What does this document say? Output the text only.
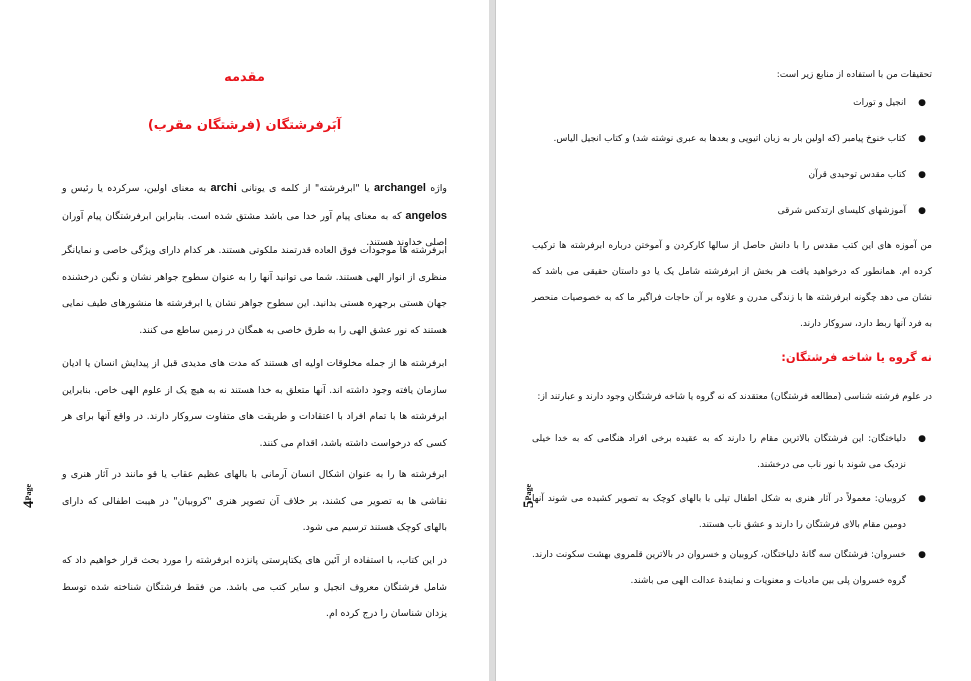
مقدمه
آبَرفرشتگان (فرشتگان مقرب)

واژه archangel یا "ابرفرشته" از کلمه ی یونانی archi به معنای اولین، سرکرده یا رئیس و angelos که به معنای پیام آور خدا می باشد مشتق شده است. بنابراین ابرفرشتگان پیام آوران اصلی خداوند هستند.

ابرفرشته ها موجودات فوق العاده قدرتمند ملکوتی هستند. هر کدام دارای ویژگی خاصی و نمایانگر منظری از انوار الهی هستند. شما می توانید آنها را به عنوان سطوح جواهر نشان و نگین درخشنده جهان هستی برجهره هستی بدانید. این سطوح جواهر نشان یا ابرفرشته ها منشورهای طیف نمایی هستند که نور عشق الهی را به طرق خاصی به همگان در زمین ساطع می کنند.

ابرفرشته ها از جمله مخلوقات اولیه ای هستند که مدت های مدیدی قبل از پیدایش انسان یا ادیان سازمان یافته وجود داشته اند. آنها متعلق به خدا هستند نه به هیچ یک از علوم الهی خاص. بنابراین ابرفرشته ها با تمام افراد با اعتقادات و طریقت های متفاوت سروکار دارند. در واقع آنها برای هر کسی که درخواست داشته باشد، اقدام می کنند.

ابرفرشته ها را به عنوان اشکال انسان آرمانی با بالهای عظیم عقاب یا قو مانند در آثار هنری و نقاشی ها به تصویر می کشند، بر خلاف آن تصویر هنری "کروبیان" در هیبت اطفالی که دارای بالهای کوچک هستند ترسیم می شود.

در این کتاب، با استفاده از آئین های یکتاپرستی پانزده ابرفرشته را مورد بحث قرار خواهیم داد که شامل فرشتگان معروف انجیل و سایر کتب می باشد. من فقط فرشتگان شناخته شده توسط یزدان شناسان را درج کرده ام.

4Page

تحقیقات من با استفاده از منابع زیر است:

●
انجیل و تورات
●
کتاب خنوخ پیامبر (که اولین بار به زبان اتیوپی و بعدها به عبری نوشته شد) و کتاب انجیل الیاس.
●
کتاب مقدس توحیدی قرآن
●
آموزشهای کلیسای ارتدکس شرقی

من آموزه های این کتب مقدس را با دانش حاصل از سالها کارکردن و آموختن درباره ابرفرشته ها ترکیب کرده ام. همانطور که درخواهید یافت هر بخش از ابرفرشته شامل یک یا دو داستان حقیقی می باشد که نشان می دهد چگونه ابرفرشته ها با زندگی مدرن و علاوه بر آن حاجات فراگیر ما که به خصوصیات منحصر به فرد آنها ربط دارد، سروکار دارند.

نه گروه یا شاخه فرشتگان:

در علوم فرشته شناسی (مطالعه فرشتگان) معتقدند که نه گروه یا شاخه فرشتگان وجود دارند و عبارتند از:

●
دلیاختگان: این فرشتگان بالاترین مقام را دارند که به عقیده برخی افراد هنگامی که به خدا خیلی نزدیک می شوند با نور ناب می درخشند.
●
کروبیان: معمولاً در آثار هنری به شکل اطفال تپلی با بالهای کوچک به تصویر کشیده می شوند آنها دومین مقام بالای فرشتگان را دارند و عشق ناب هستند.
●
خسروان: فرشتگان سه گانهٔ دلیاختگان، کروبیان و خسروان در بالاترین قلمروی بهشت سکونت دارند. گروه خسروان پلی بین ماديات و معنویات و نمایندهٔ عدالت الهی می باشند.
5Page
